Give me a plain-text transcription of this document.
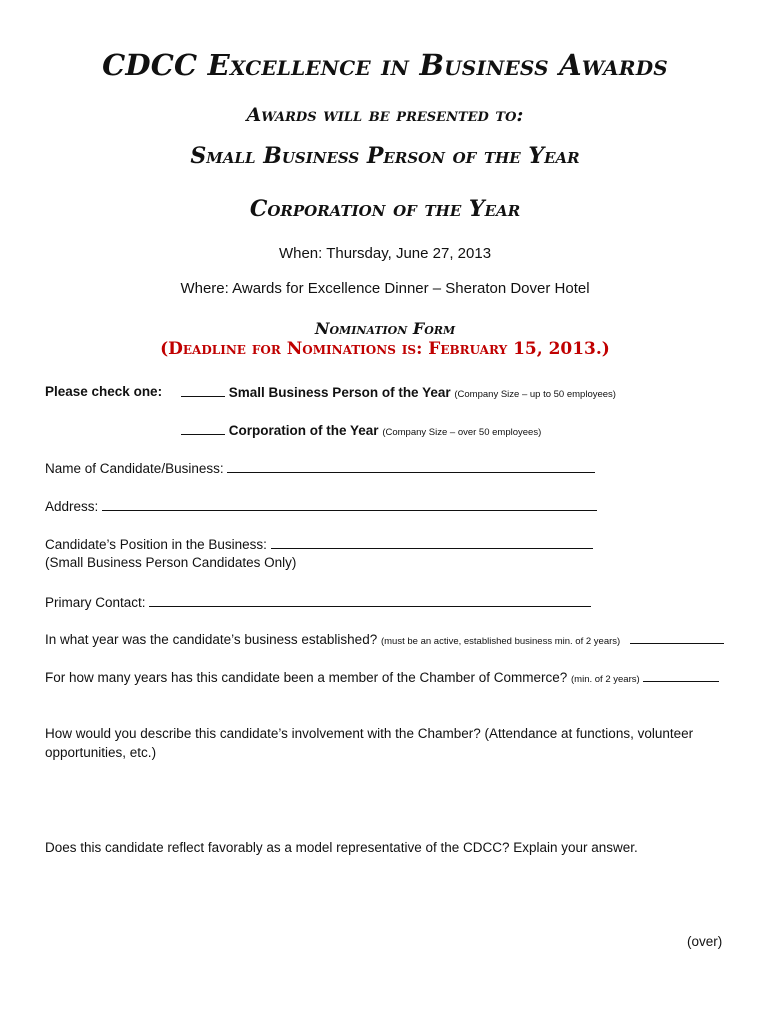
CDCC Excellence in Business Awards
Awards will be presented to:
Small Business Person of the Year
Corporation of the Year
When: Thursday, June 27, 2013
Where: Awards for Excellence Dinner – Sheraton Dover Hotel
Nomination Form
(Deadline for Nominations is: February 15, 2013.)
Please check one:	Small Business Person of the Year (Company Size – up to 50 employees)
Corporation of the Year (Company Size – over 50 employees)
Name of Candidate/Business:
Address:
Candidate’s Position in the Business:
(Small Business Person Candidates Only)
Primary Contact:
In what year was the candidate’s business established? (must be an active, established business min. of 2 years)
For how many years has this candidate been a member of the Chamber of Commerce? (min. of 2 years)
How would you describe this candidate’s involvement with the Chamber? (Attendance at functions, volunteer
opportunities, etc.)
Does this candidate reflect favorably as a model representative of the CDCC? Explain your answer.
(over)
